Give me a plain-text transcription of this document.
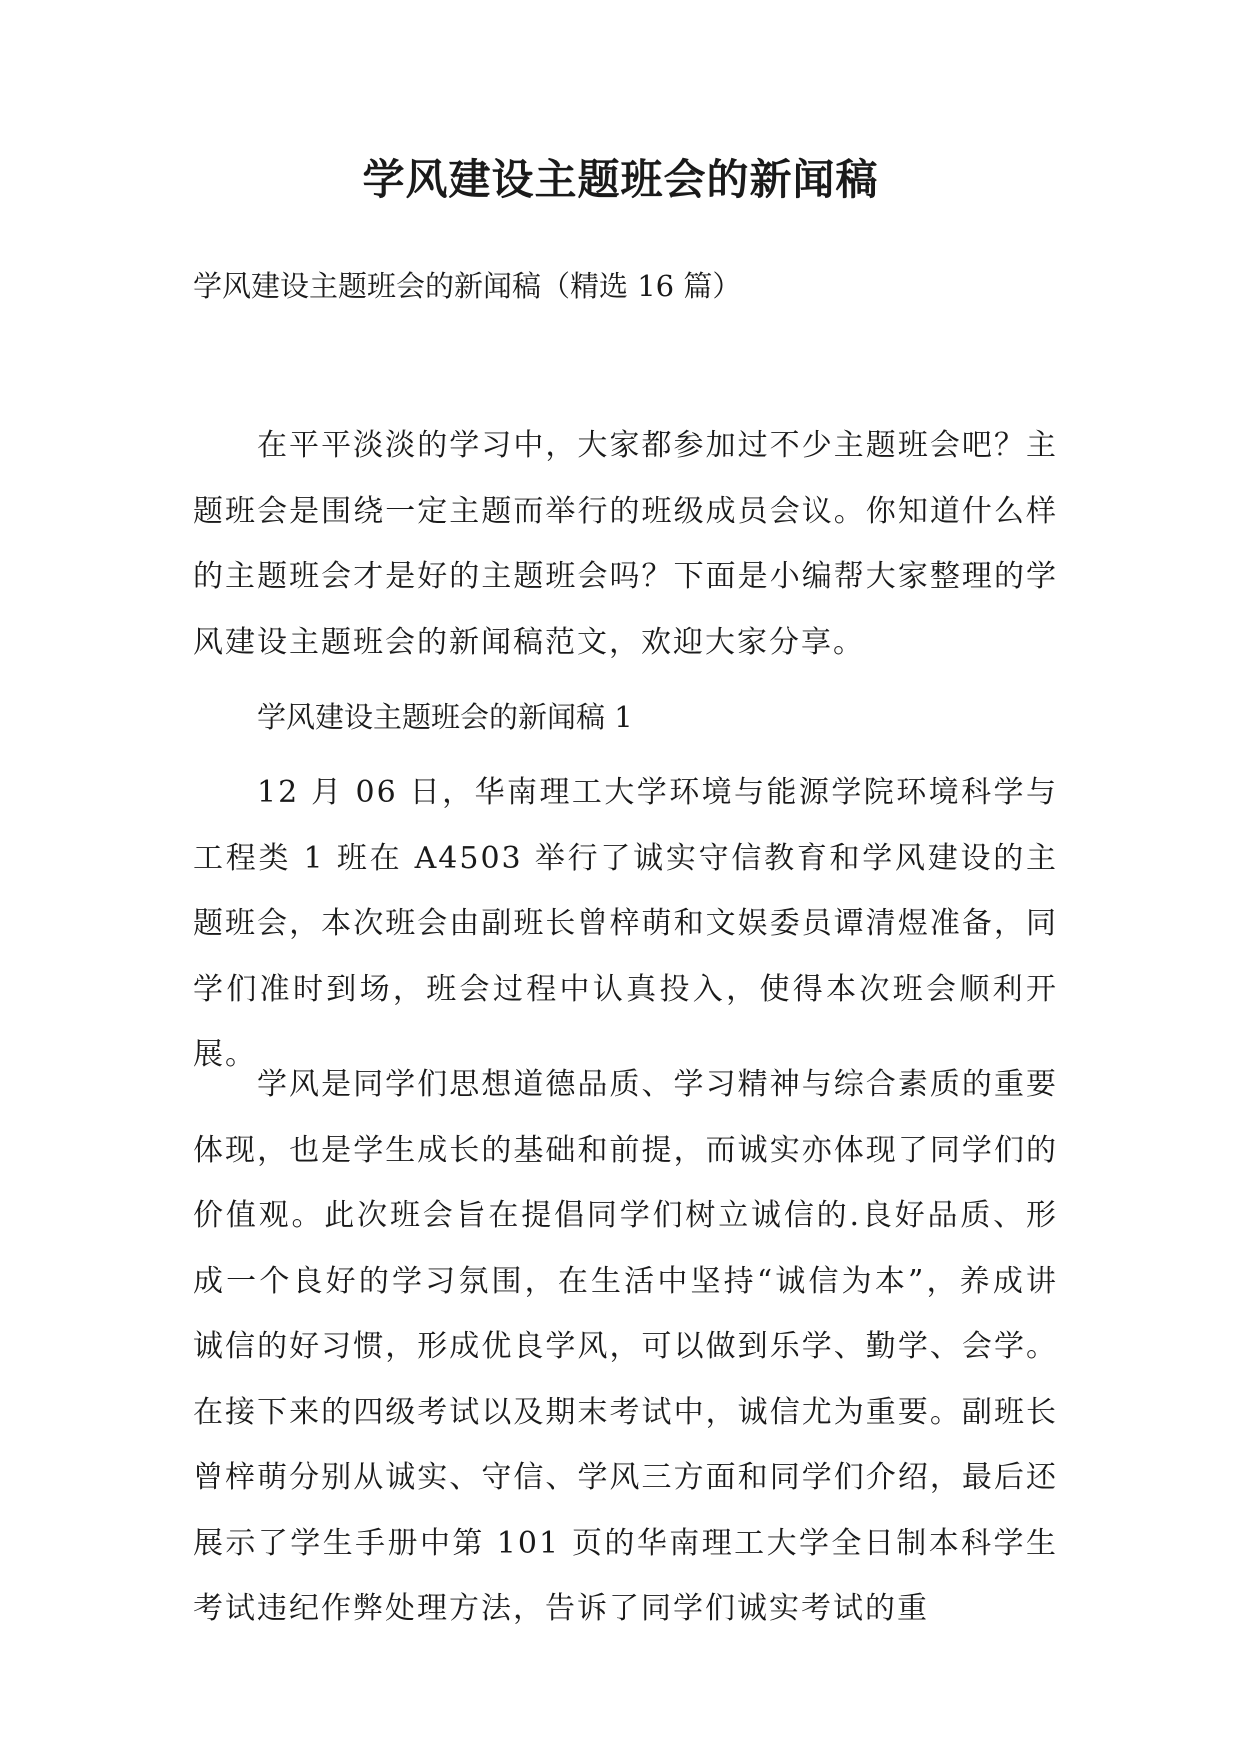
学风建设主题班会的新闻稿

学风建设主题班会的新闻稿（精选 16 篇）

在平平淡淡的学习中，大家都参加过不少主题班会吧？主题班会是围绕一定主题而举行的班级成员会议。你知道什么样的主题班会才是好的主题班会吗？下面是小编帮大家整理的学风建设主题班会的新闻稿范文，欢迎大家分享。

学风建设主题班会的新闻稿 1

12 月 06 日，华南理工大学环境与能源学院环境科学与工程类 1 班在 A4503 举行了诚实守信教育和学风建设的主题班会，本次班会由副班长曾梓萌和文娱委员谭清煜准备，同学们准时到场，班会过程中认真投入，使得本次班会顺利开展。

学风是同学们思想道德品质、学习精神与综合素质的重要体现，也是学生成长的基础和前提，而诚实亦体现了同学们的价值观。此次班会旨在提倡同学们树立诚信的.良好品质、形成一个良好的学习氛围，在生活中坚持“诚信为本”，养成讲诚信的好习惯，形成优良学风，可以做到乐学、勤学、会学。在接下来的四级考试以及期末考试中，诚信尤为重要。副班长曾梓萌分别从诚实、守信、学风三方面和同学们介绍，最后还展示了学生手册中第 101 页的华南理工大学全日制本科学生考试违纪作弊处理方法，告诉了同学们诚实考试的重
